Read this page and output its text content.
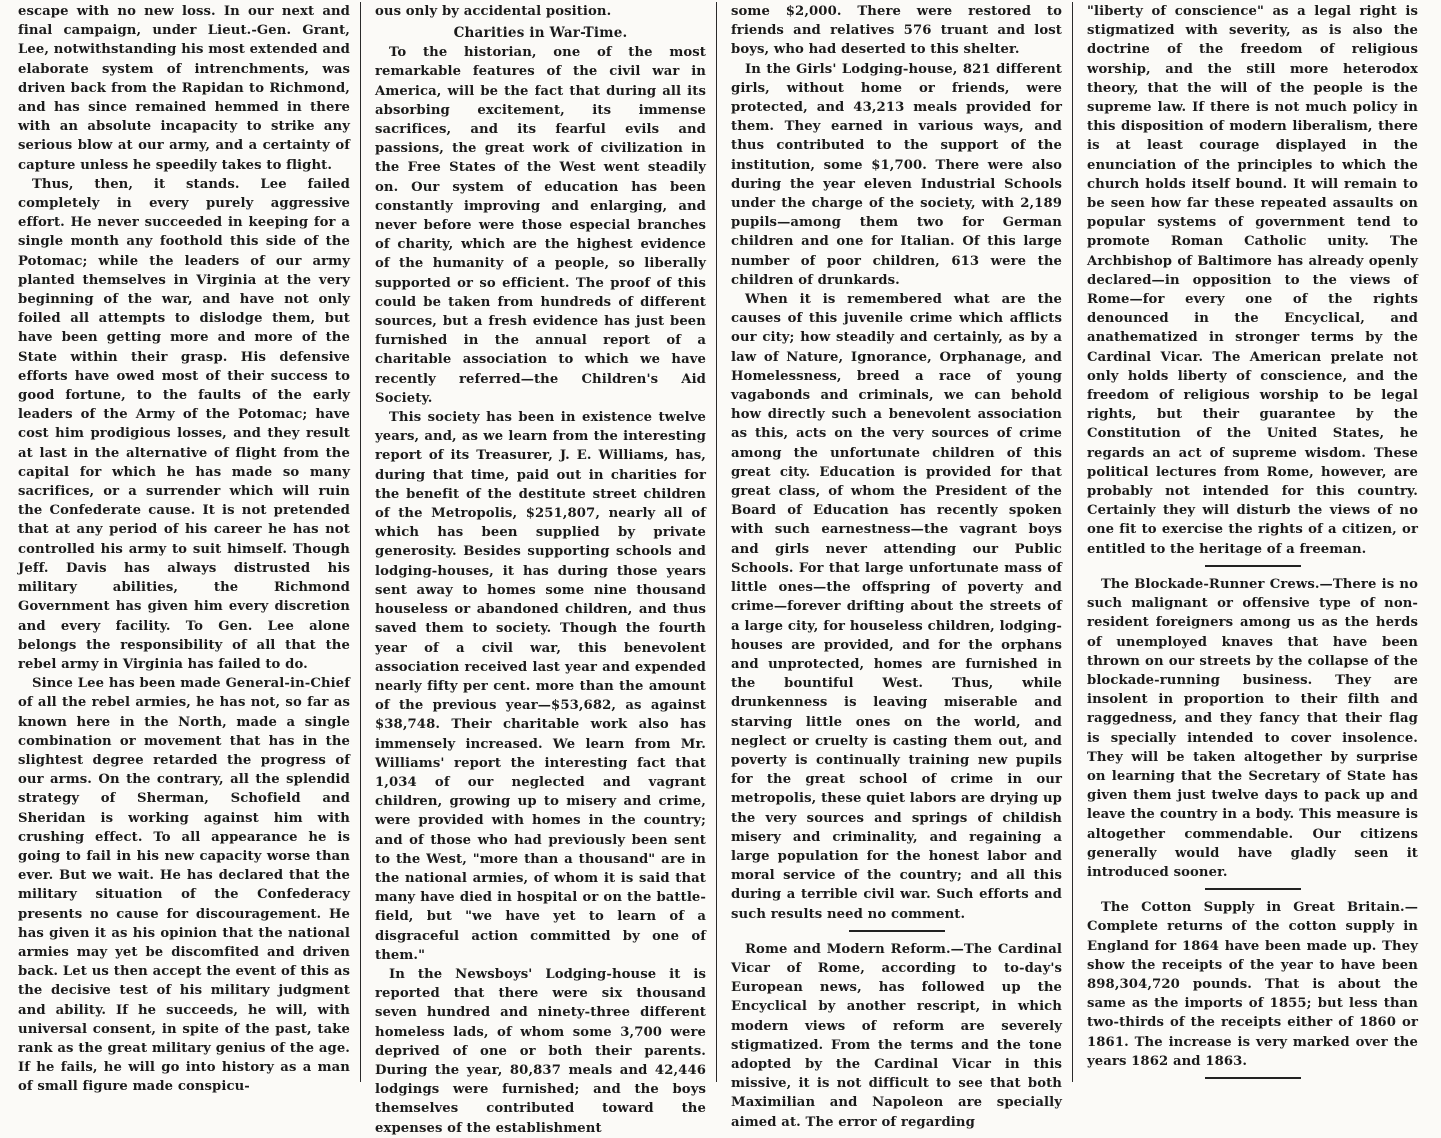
escape with no new loss. In our next and final campaign, under Lieut.-Gen. Grant, Lee, notwithstanding his most extended and elaborate system of intrenchments, was driven back from the Rapidan to Richmond, and has since remained hemmed in there with an absolute incapacity to strike any serious blow at our army, and a certainty of capture unless he speedily takes to flight.

Thus, then, it stands. Lee failed completely in every purely aggressive effort. He never succeeded in keeping for a single month any foothold this side of the Potomac; while the leaders of our army planted themselves in Virginia at the very beginning of the war, and have not only foiled all attempts to dislodge them, but have been getting more and more of the State within their grasp. His defensive efforts have owed most of their success to good fortune, to the faults of the early leaders of the Army of the Potomac; have cost him prodigious losses, and they result at last in the alternative of flight from the capital for which he has made so many sacrifices, or a surrender which will ruin the Confederate cause. It is not pretended that at any period of his career he has not controlled his army to suit himself. Though Jeff. Davis has always distrusted his military abilities, the Richmond Government has given him every discretion and every facility. To Gen. Lee alone belongs the responsibility of all that the rebel army in Virginia has failed to do.

Since Lee has been made General-in-Chief of all the rebel armies, he has not, so far as known here in the North, made a single combination or movement that has in the slightest degree retarded the progress of our arms. On the contrary, all the splendid strategy of Sherman, Schofield and Sheridan is working against him with crushing effect. To all appearance he is going to fail in his new capacity worse than ever. But we wait. He has declared that the military situation of the Confederacy presents no cause for discouragement. He has given it as his opinion that the national armies may yet be discomfited and driven back. Let us then accept the event of this as the decisive test of his military judgment and ability. If he succeeds, he will, with universal consent, in spite of the past, take rank as the great military genius of the age. If he fails, he will go into history as a man of small figure made conspicu-

ous only by accidental position.

Charities in War-Time.

To the historian, one of the most remarkable features of the civil war in America, will be the fact that during all its absorbing excitement, its immense sacrifices, and its fearful evils and passions, the great work of civilization in the Free States of the West went steadily on. Our system of education has been constantly improving and enlarging, and never before were those especial branches of charity, which are the highest evidence of the humanity of a people, so liberally supported or so efficient. The proof of this could be taken from hundreds of different sources, but a fresh evidence has just been furnished in the annual report of a charitable association to which we have recently referred—the Children's Aid Society.

This society has been in existence twelve years, and, as we learn from the interesting report of its Treasurer, J. E. Williams, has, during that time, paid out in charities for the benefit of the destitute street children of the Metropolis, $251,807, nearly all of which has been supplied by private generosity. Besides supporting schools and lodging-houses, it has during those years sent away to homes some nine thousand houseless or abandoned children, and thus saved them to society. Though the fourth year of a civil war, this benevolent association received last year and expended nearly fifty per cent. more than the amount of the previous year—$53,682, as against $38,748. Their charitable work also has immensely increased. We learn from Mr. Williams' report the interesting fact that 1,034 of our neglected and vagrant children, growing up to misery and crime, were provided with homes in the country; and of those who had previously been sent to the West, "more than a thousand" are in the national armies, of whom it is said that many have died in hospital or on the battle-field, but "we have yet to learn of a disgraceful action committed by one of them."

In the Newsboys' Lodging-house it is reported that there were six thousand seven hundred and ninety-three different homeless lads, of whom some 3,700 were deprived of one or both their parents. During the year, 80,837 meals and 42,446 lodgings were furnished; and the boys themselves contributed toward the expenses of the establishment

some $2,000. There were restored to friends and relatives 576 truant and lost boys, who had deserted to this shelter.

In the Girls' Lodging-house, 821 different girls, without home or friends, were protected, and 43,213 meals provided for them. They earned in various ways, and thus contributed to the support of the institution, some $1,700. There were also during the year eleven Industrial Schools under the charge of the society, with 2,189 pupils—among them two for German children and one for Italian. Of this large number of poor children, 613 were the children of drunkards.

When it is remembered what are the causes of this juvenile crime which afflicts our city; how steadily and certainly, as by a law of Nature, Ignorance, Orphanage, and Homelessness, breed a race of young vagabonds and criminals, we can behold how directly such a benevolent association as this, acts on the very sources of crime among the unfortunate children of this great city. Education is provided for that great class, of whom the President of the Board of Education has recently spoken with such earnestness—the vagrant boys and girls never attending our Public Schools. For that large unfortunate mass of little ones—the offspring of poverty and crime—forever drifting about the streets of a large city, for houseless children, lodging-houses are provided, and for the orphans and unprotected, homes are furnished in the bountiful West. Thus, while drunkenness is leaving miserable and starving little ones on the world, and neglect or cruelty is casting them out, and poverty is continually training new pupils for the great school of crime in our metropolis, these quiet labors are drying up the very sources and springs of childish misery and criminality, and regaining a large population for the honest labor and moral service of the country; and all this during a terrible civil war. Such efforts and such results need no comment.

Rome and Modern Reform.—The Cardinal Vicar of Rome, according to to-day's European news, has followed up the Encyclical by another rescript, in which modern views of reform are severely stigmatized. From the terms and the tone adopted by the Cardinal Vicar in this missive, it is not difficult to see that both Maximilian and Napoleon are specially aimed at. The error of regarding

"liberty of conscience" as a legal right is stigmatized with severity, as is also the doctrine of the freedom of religious worship, and the still more heterodox theory, that the will of the people is the supreme law. If there is not much policy in this disposition of modern liberalism, there is at least courage displayed in the enunciation of the principles to which the church holds itself bound. It will remain to be seen how far these repeated assaults on popular systems of government tend to promote Roman Catholic unity. The Archbishop of Baltimore has already openly declared—in opposition to the views of Rome—for every one of the rights denounced in the Encyclical, and anathematized in stronger terms by the Cardinal Vicar. The American prelate not only holds liberty of conscience, and the freedom of religious worship to be legal rights, but their guarantee by the Constitution of the United States, he regards an act of supreme wisdom. These political lectures from Rome, however, are probably not intended for this country. Certainly they will disturb the views of no one fit to exercise the rights of a citizen, or entitled to the heritage of a freeman.

The Blockade-Runner Crews.—There is no such malignant or offensive type of non-resident foreigners among us as the herds of unemployed knaves that have been thrown on our streets by the collapse of the blockade-running business. They are insolent in proportion to their filth and raggedness, and they fancy that their flag is specially intended to cover insolence. They will be taken altogether by surprise on learning that the Secretary of State has given them just twelve days to pack up and leave the country in a body. This measure is altogether commendable. Our citizens generally would have gladly seen it introduced sooner.

The Cotton Supply in Great Britain.—Complete returns of the cotton supply in England for 1864 have been made up. They show the receipts of the year to have been 898,304,720 pounds. That is about the same as the imports of 1855; but less than two-thirds of the receipts either of 1860 or 1861. The increase is very marked over the years 1862 and 1863.
